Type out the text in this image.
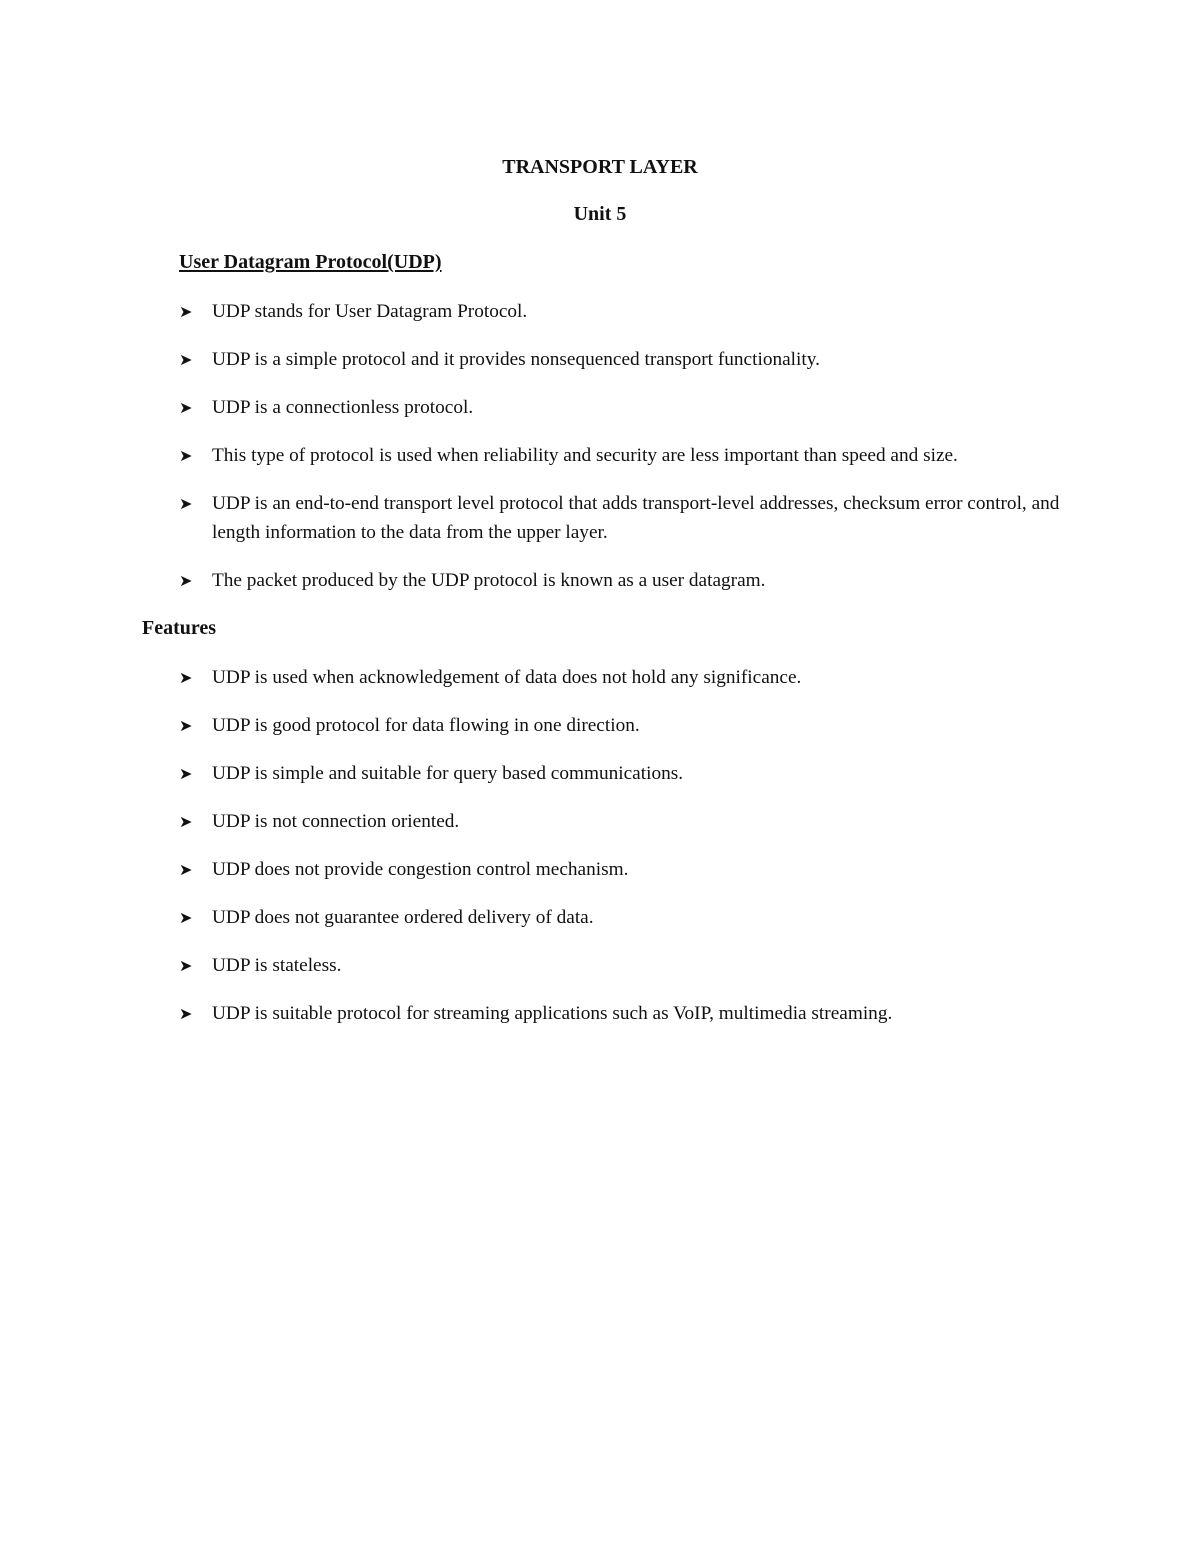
TRANSPORT LAYER
Unit 5
User Datagram Protocol(UDP)
➤ UDP stands for User Datagram Protocol.
➤ UDP is a simple protocol and it provides nonsequenced transport functionality.
➤ UDP is a connectionless protocol.
➤ This type of protocol is used when reliability and security are less important than speed and size.
➤ UDP is an end-to-end transport level protocol that adds transport-level addresses, checksum error control, and length information to the data from the upper layer.
➤ The packet produced by the UDP protocol is known as a user datagram.
Features
➤ UDP is used when acknowledgement of data does not hold any significance.
➤ UDP is good protocol for data flowing in one direction.
➤ UDP is simple and suitable for query based communications.
➤ UDP is not connection oriented.
➤ UDP does not provide congestion control mechanism.
➤ UDP does not guarantee ordered delivery of data.
➤ UDP is stateless.
➤ UDP is suitable protocol for streaming applications such as VoIP, multimedia streaming.
